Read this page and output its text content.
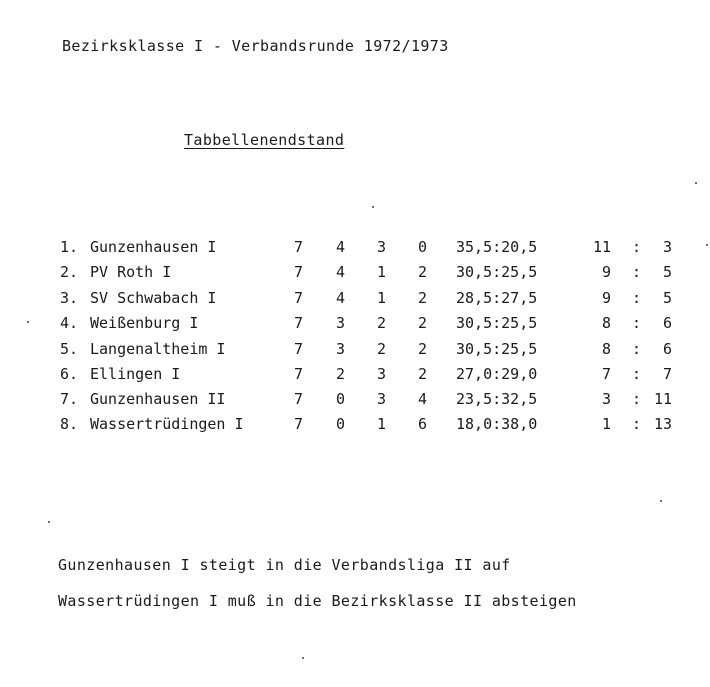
Bezirksklasse I - Verbandsrunde 1972/1973
Tabbellenendstand
1. Gunzenhausen I	7 4 3 0 35,5:20,5	11 :	3
2. PV Roth I	7 4 1 2 30,5:25,5	9 :	5
3. SV Schwabach I	7 4 1 2 28,5:27,5	9 :	5
4. Weißenburg I	7 3 2 2 30,5:25,5	8 :	6
5. Langenaltheim I	7 3 2 2 30,5:25,5	8 :	6
6. Ellingen I	7 2 3 2 27,0:29,0	7 :	7
7. Gunzenhausen II	7 0 3 4 23,5:32,5	3 : 11
8. Wassertrüdingen I	7 0 1 6 18,0:38,0	1 : 13
Gunzenhausen I steigt in die Verbandsliga II auf
Wassertrüdingen I muß in die Bezirksklasse II absteigen
